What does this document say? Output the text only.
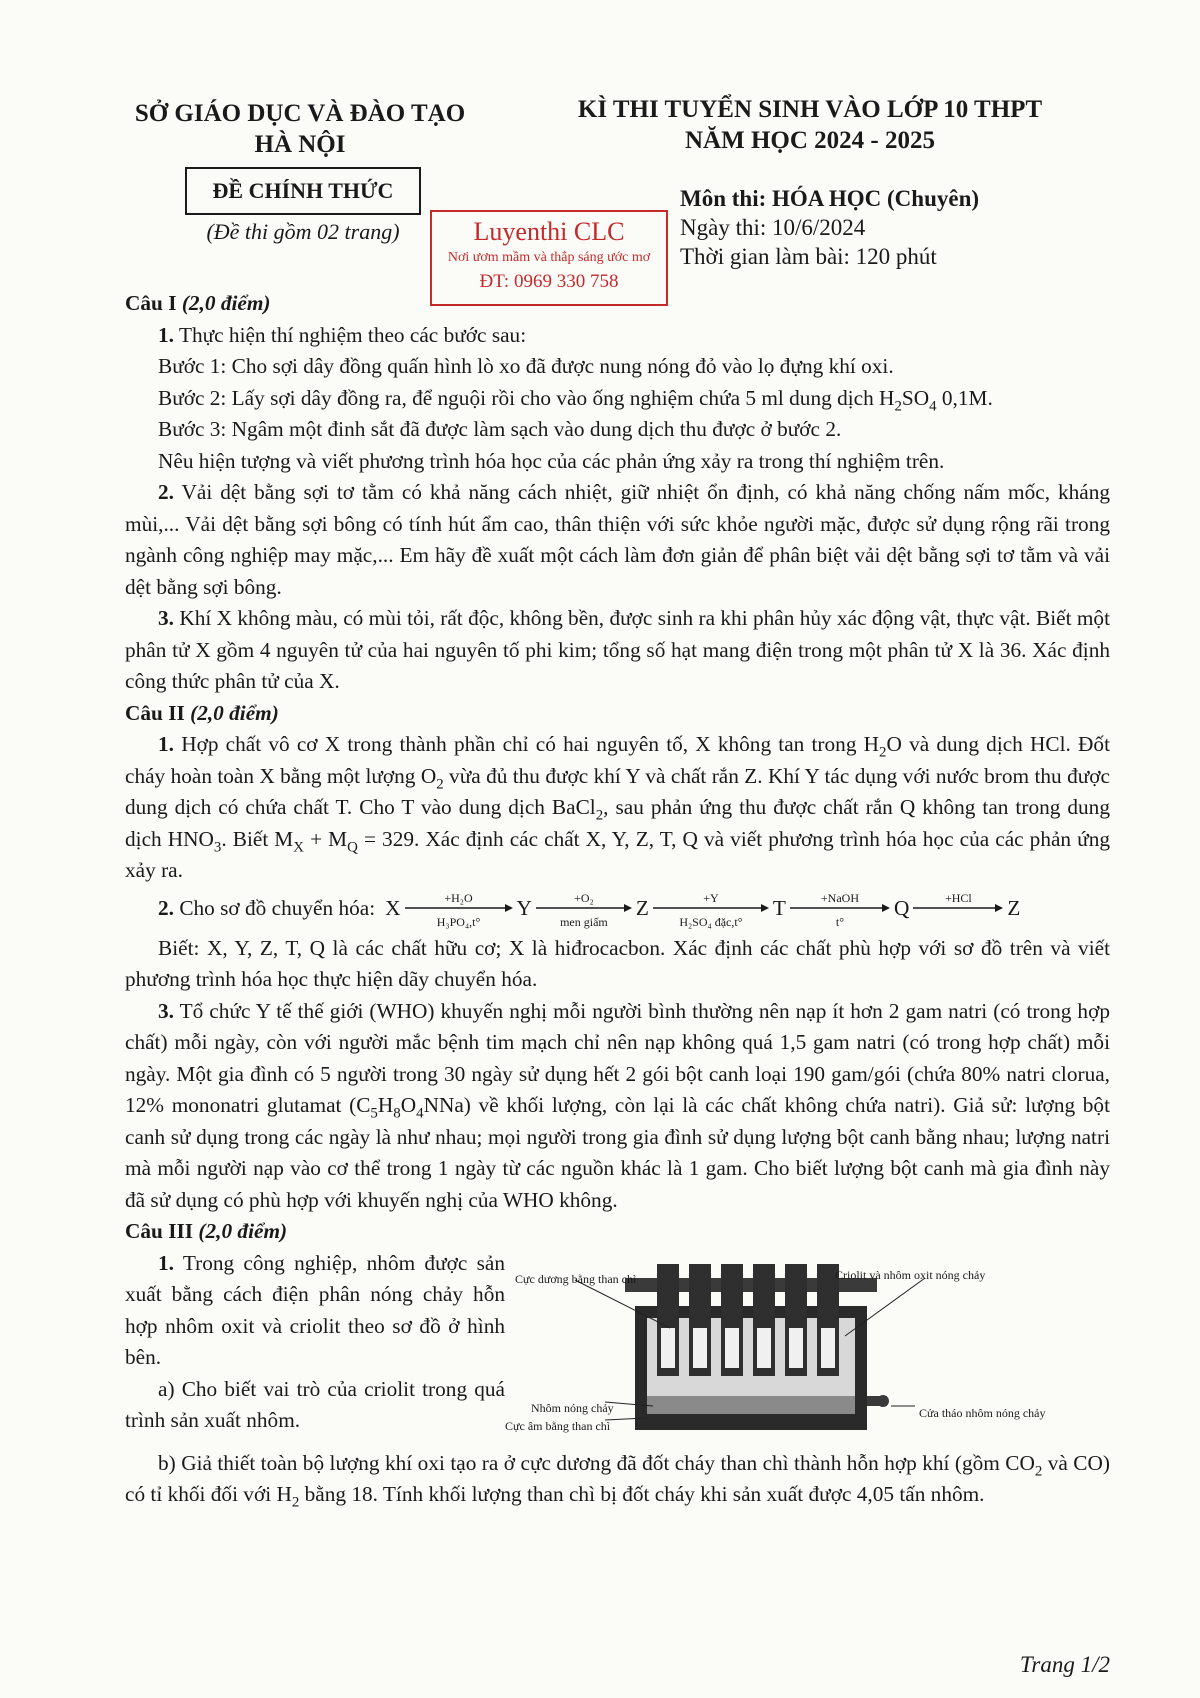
SỞ GIÁO DỤC VÀ ĐÀO TẠO
HÀ NỘI
KÌ THI TUYỂN SINH VÀO LỚP 10 THPT
NĂM HỌC 2024 - 2025
ĐỀ CHÍNH THỨC
(Đề thi gồm 02 trang)	Luyenthi CLC
Nơi ươm mầm và thắp sáng ước mơ
ĐT: 0969 330 758
Môn thi: HÓA HỌC (Chuyên)
Ngày thi: 10/6/2024
Thời gian làm bài: 120 phút

Câu I (2,0 điểm)

1. Thực hiện thí nghiệm theo các bước sau:

Bước 1: Cho sợi dây đồng quấn hình lò xo đã được nung nóng đỏ vào lọ đựng khí oxi.

Bước 2: Lấy sợi dây đồng ra, để nguội rồi cho vào ống nghiệm chứa 5 ml dung dịch $H_2SO_4$ 0,1M.

Bước 3: Ngâm một đinh sắt đã được làm sạch vào dung dịch thu được ở bước 2.

Nêu hiện tượng và viết phương trình hóa học của các phản ứng xảy ra trong thí nghiệm trên.

2. Vải dệt bằng sợi tơ tằm có khả năng cách nhiệt, giữ nhiệt ổn định, có khả năng chống nấm mốc, kháng mùi,... Vải dệt bằng sợi bông có tính hút ẩm cao, thân thiện với sức khỏe người mặc, được sử dụng rộng rãi trong ngành công nghiệp may mặc,... Em hãy đề xuất một cách làm đơn giản để phân biệt vải dệt bằng sợi tơ tằm và vải dệt bằng sợi bông.

3. Khí X không màu, có mùi tỏi, rất độc, không bền, được sinh ra khi phân hủy xác động vật, thực vật. Biết một phân tử X gồm 4 nguyên tử của hai nguyên tố phi kim; tổng số hạt mang điện trong một phân tử X là 36. Xác định công thức phân tử của X.

Câu II (2,0 điểm)

1. Hợp chất vô cơ X trong thành phần chỉ có hai nguyên tố, X không tan trong $H_2O$ và dung dịch HCl. Đốt cháy hoàn toàn X bằng một lượng $O_2$ vừa đủ thu được khí Y và chất rắn Z. Khí Y tác dụng với nước brom thu được dung dịch có chứa chất T. Cho T vào dung dịch BaCl$_2$, sau phản ứng thu được chất rắn Q không tan trong dung dịch $HNO_3$. Biết $M_X + M_Q = 329$. Xác định các chất X, Y, Z, T, Q và viết phương trình hóa học của các phản ứng xảy ra.

2. Cho sơ đồ chuyển hóa: X	+H₂O
H₃PO₄,t°
Y	+O₂
men giấm
Z	+Y
H₂SO₄ đặc,t°
T	+NaOH
t°
Q	+HCl	Z

Biết: X, Y, Z, T, Q là các chất hữu cơ; X là hiđrocacbon. Xác định các chất phù hợp với sơ đồ trên và viết phương trình hóa học thực hiện dãy chuyển hóa.

3. Tổ chức Y tế thế giới (WHO) khuyến nghị mỗi người bình thường nên nạp ít hơn 2 gam natri (có trong hợp chất) mỗi ngày, còn với người mắc bệnh tim mạch chỉ nên nạp không quá 1,5 gam natri (có trong hợp chất) mỗi ngày. Một gia đình có 5 người trong 30 ngày sử dụng hết 2 gói bột canh loại 190 gam/gói (chứa 80% natri clorua, 12% mononatri glutamat $(C_5H_8O_4NNa)$ về khối lượng, còn lại là các chất không chứa natri). Giả sử: lượng bột canh sử dụng trong các ngày là như nhau; mọi người trong gia đình sử dụng lượng bột canh bằng nhau; lượng natri mà mỗi người nạp vào cơ thể trong 1 ngày từ các nguồn khác là 1 gam. Cho biết lượng bột canh mà gia đình này đã sử dụng có phù hợp với khuyến nghị của WHO không.

Câu III (2,0 điểm)

1. Trong công nghiệp, nhôm được sản xuất bằng cách điện phân nóng chảy hỗn hợp nhôm oxit và criolit theo sơ đồ ở hình bên.

a) Cho biết vai trò của criolit trong quá trình sản xuất nhôm.

Cực dương bằng than chì	Criolit và nhôm oxit nóng chảy
Nhôm nóng chảy
Cực âm bằng than chì
Cửa tháo nhôm nóng chảy

b) Giả thiết toàn bộ lượng khí oxi tạo ra ở cực dương đã đốt cháy than chì thành hỗn hợp khí (gồm $CO_2$ và CO) có tỉ khối đối với $H_2$ bằng 18. Tính khối lượng than chì bị đốt cháy khi sản xuất được 4,05 tấn nhôm.

Trang 1/2
